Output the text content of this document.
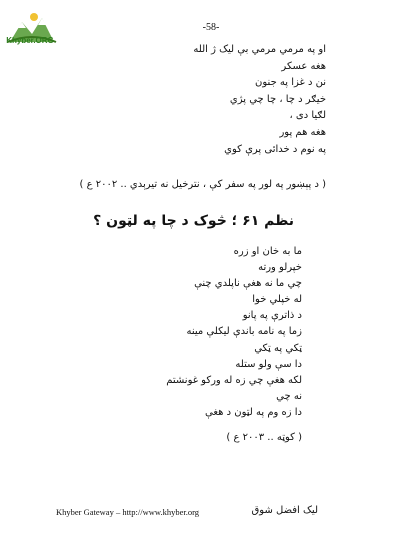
Khyber.ORG
-58-
او په مرمي مرمي بې ليک ژ الله
هغه عسکر
نن د غزا په جنون
خيګر د چا ، چا چي پژي
لګيا دی ،
هغه هم پور
په نوم د خدائی پرې کوي
( د پېښور په لور په سفر کې ، نترخيل نه تيرېدي .. ۲۰۰۲ ع )
نظم ۶۱ ؛ څوک د چا په لټون ؟
ما به خان او زره
خپرلو ورته
چي ما نه هغې ناپلدي چنې
له خپلي خوا
د ذاترې په پانو
زما په نامه باندې ليکلې مينه
ټکي په ټکي
دا سې ولو ستله
لکه هغې چي زه له ورکو غونشتم
نه چي
دا زه وم په لټون د هغې
( کوټه .. ۲۰۰۳ ع )
Khyber Gateway – http://www.khyber.org	ليک افضل شوق
